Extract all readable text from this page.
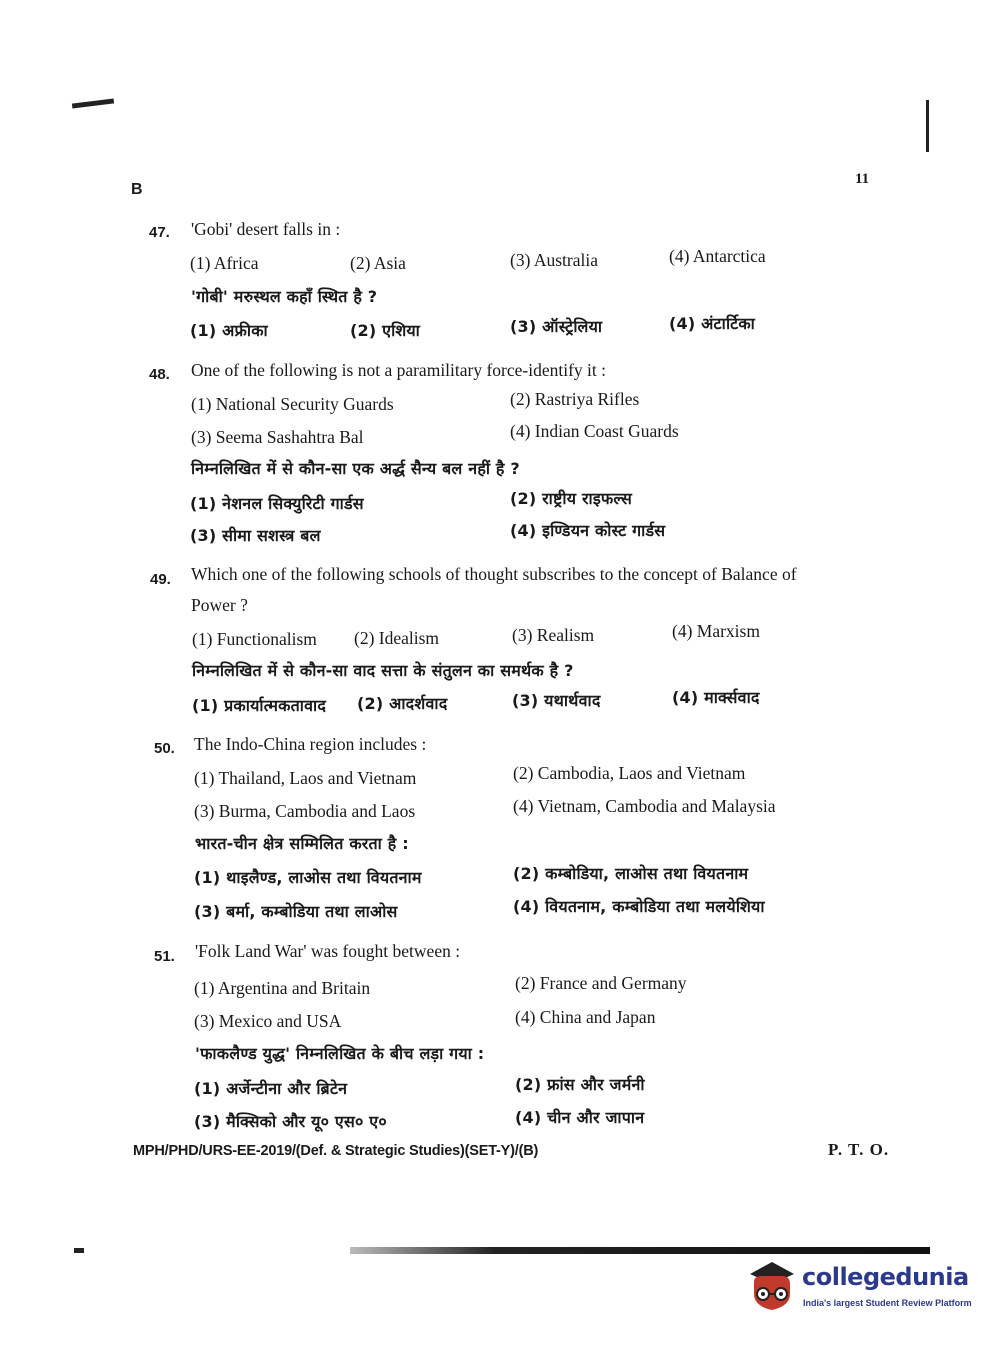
B
11
47. 'Gobi' desert falls in :
(1) Africa	(2) Asia	(3) Australia	(4) Antarctica
'गोबी' मरुस्थल कहाँ स्थित है ?
(1) अफ्रीका	(2) एशिया	(3) ऑस्ट्रेलिया	(4) अंटार्टिका
48. One of the following is not a paramilitary force-identify it :
(1) National Security Guards	(2) Rastriya Rifles
(3) Seema Sashahtra Bal	(4) Indian Coast Guards
निम्नलिखित में से कौन-सा एक अर्द्ध सैन्य बल नहीं है ?
(1) नेशनल सिक्युरिटी गार्डस	(2) राष्ट्रीय राइफल्स
(3) सीमा सशस्त्र बल	(4) इण्डियन कोस्ट गार्डस
49. Which one of the following schools of thought subscribes to the concept of Balance of
Power ?
(1) Functionalism (2) Idealism	(3) Realism	(4) Marxism
निम्नलिखित में से कौन-सा वाद सत्ता के संतुलन का समर्थक है ?
(1) प्रकार्यात्मकतावाद (2) आदर्शवाद	(3) यथार्थवाद	(4) मार्क्सवाद
50. The Indo-China region includes :
(1) Thailand, Laos and Vietnam	(2) Cambodia, Laos and Vietnam
(3) Burma, Cambodia and Laos	(4) Vietnam, Cambodia and Malaysia
भारत-चीन क्षेत्र सम्मिलित करता है :
(1) थाइलैण्ड, लाओस तथा वियतनाम	(2) कम्बोडिया, लाओस तथा वियतनाम
(3) बर्मा, कम्बोडिया तथा लाओस	(4) वियतनाम, कम्बोडिया तथा मलयेशिया
51. 'Folk Land War' was fought between :
(1) Argentina and Britain	(2) France and Germany
(3) Mexico and USA	(4) China and Japan
'फाकलैण्ड युद्ध' निम्नलिखित के बीच लड़ा गया :
(1) अर्जेन्टीना और ब्रिटेन	(2) फ्रांस और जर्मनी
(3) मैक्सिको और यू० एस० ए०	(4) चीन और जापान
MPH/PHD/URS-EE-2019/(Def. & Strategic Studies)(SET-Y)/(B)	P. T. O.
collegedunia
India's largest Student Review Platform
